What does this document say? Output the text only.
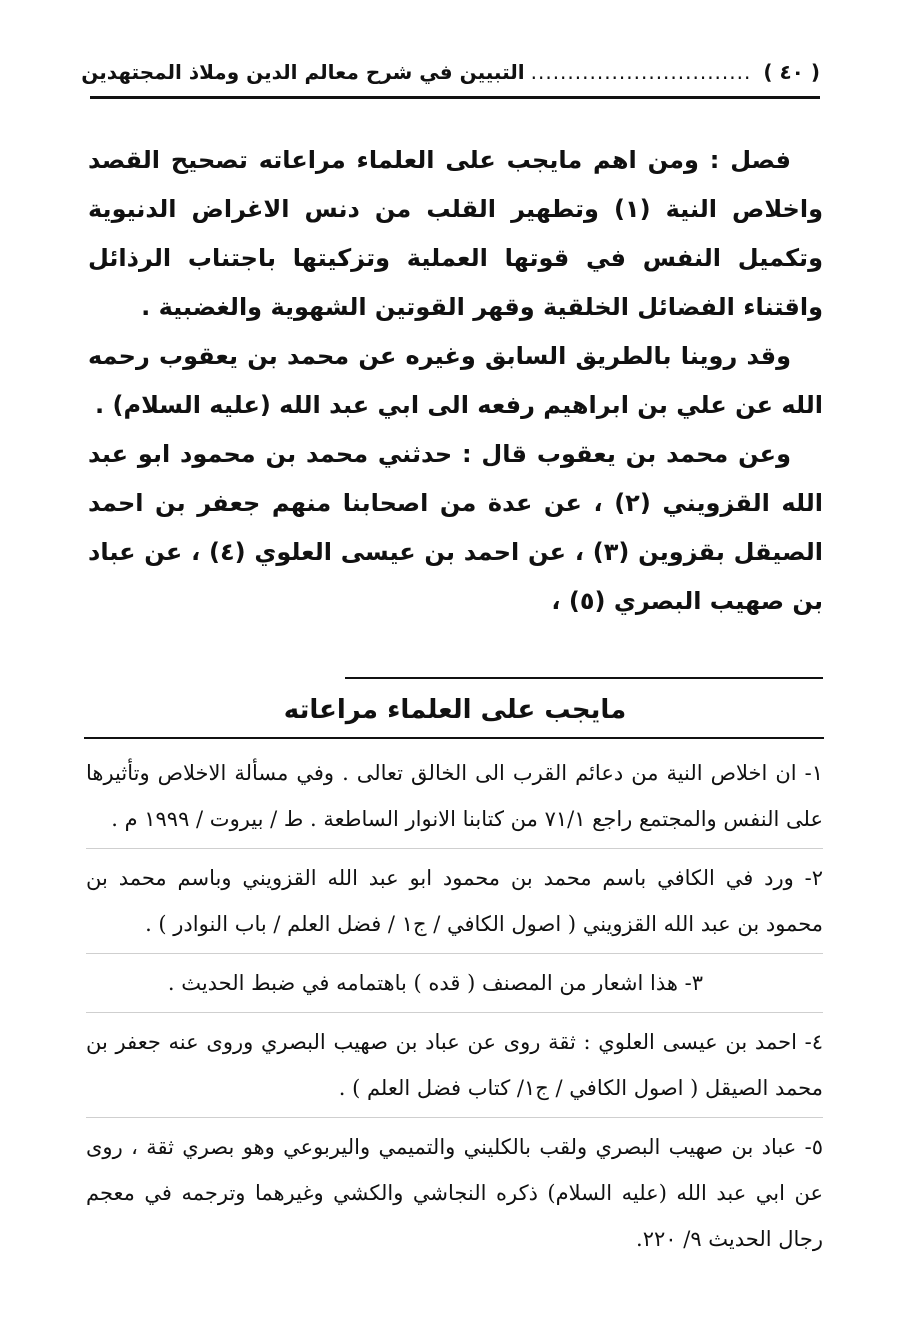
( ٤٠ )
..............................
التبيين في شرح معالم الدين وملاذ المجتهدين

فصل : ومن اهم مايجب على العلماء مراعاته تصحيح القصد واخلاص النية (١) وتطهير القلب من دنس الاغراض الدنيوية وتكميل النفس في قوتها العملية وتزكيتها باجتناب الرذائل واقتناء الفضائل الخلقية وقهر القوتين الشهوية والغضبية .

وقد روينا بالطريق السابق وغيره عن محمد بن يعقوب رحمه الله عن علي بن ابراهيم رفعه الى ابي عبد الله (عليه السلام) .

وعن محمد بن يعقوب قال : حدثني محمد بن محمود ابو عبد الله القزويني (٢) ، عن عدة من اصحابنا منهم جعفر بن احمد الصيقل بقزوين (٣) ، عن احمد بن عيسى العلوي (٤) ، عن عباد بن صهيب البصري (٥) ،

مايجب على العلماء مراعاته

١- ان اخلاص النية من دعائم القرب الى الخالق تعالى . وفي مسألة الاخلاص وتأثيرها على النفس والمجتمع راجع ٧١/١ من كتابنا الانوار الساطعة . ط / بيروت / ١٩٩٩ م .

٢- ورد في الكافي باسم محمد بن محمود ابو عبد الله القزويني وباسم محمد بن محمود بن عبد الله القزويني ( اصول الكافي / ج١ / فضل العلم / باب النوادر ) .

٣- هذا اشعار من المصنف ( قده ) باهتمامه في ضبط الحديث .

٤- احمد بن عيسى العلوي : ثقة روى عن عباد بن صهيب البصري وروى عنه جعفر بن محمد الصيقل ( اصول الكافي / ج١/ كتاب فضل العلم ) .

٥- عباد بن صهيب البصري ولقب بالكليني والتميمي واليربوعي وهو بصري ثقة ، روى عن ابي عبد الله (عليه السلام) ذكره النجاشي والكشي وغيرهما وترجمه في معجم رجال الحديث ٩/ ٢٢٠.
